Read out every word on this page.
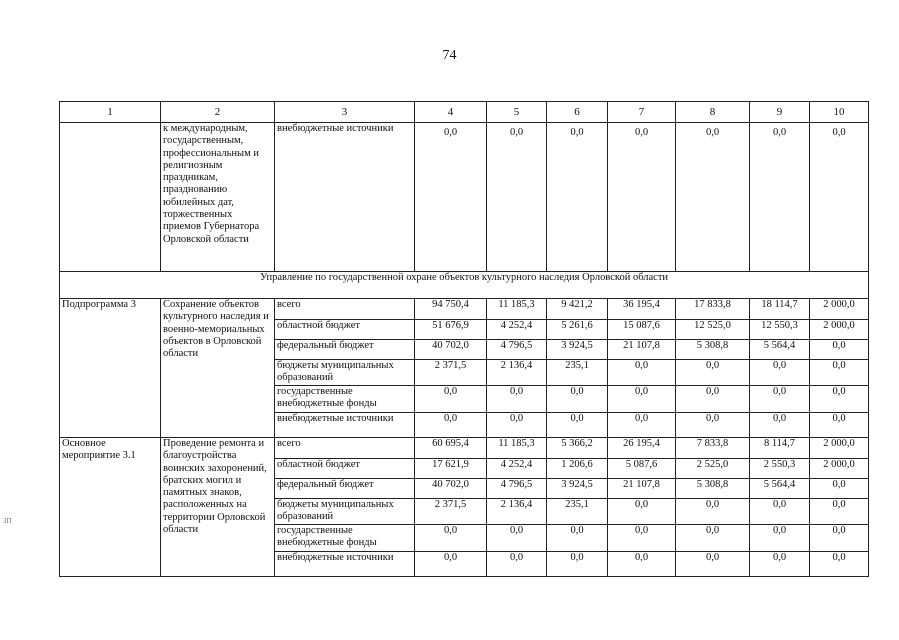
74
ЗП
1	2	3	4	5	6	7	8	9	10
	к международным, государственным, профессиональным и религиозным праздникам, празднованию юбилейных дат, торжественных приемов Губернатора Орловской области	внебюджетные источники	0,0	0,0	0,0	0,0	0,0	0,0	0,0
Управление по государственной охране объектов культурного наследия Орловской области									
Подпрограмма 3	Сохранение объектов культурного наследия и военно-мемориальных объектов в Орловской области	всего	94 750,4	11 185,3	9 421,2	36 195,4	17 833,8	18 114,7	2 000,0
		областной бюджет	51 676,9	4 252,4	5 261,6	15 087,6	12 525,0	12 550,3	2 000,0
		федеральный бюджет	40 702,0	4 796,5	3 924,5	21 107,8	5 308,8	5 564,4	0,0
		бюджеты муниципальных образований	2 371,5	2 136,4	235,1	0,0	0,0	0,0	0,0
		государственные внебюджетные фонды	0,0	0,0	0,0	0,0	0,0	0,0	0,0
		внебюджетные источники	0,0	0,0	0,0	0,0	0,0	0,0	0,0
Основное мероприятие 3.1	Проведение ремонта и благоустройства воинских захоронений, братских могил и памятных знаков, расположенных на территории Орловской области	всего	60 695,4	11 185,3	5 366,2	26 195,4	7 833,8	8 114,7	2 000,0
		областной бюджет	17 621,9	4 252,4	1 206,6	5 087,6	2 525,0	2 550,3	2 000,0
		федеральный бюджет	40 702,0	4 796,5	3 924,5	21 107,8	5 308,8	5 564,4	0,0
		бюджеты муниципальных образований	2 371,5	2 136,4	235,1	0,0	0,0	0,0	0,0
		государственные внебюджетные фонды	0,0	0,0	0,0	0,0	0,0	0,0	0,0
		внебюджетные источники	0,0	0,0	0,0	0,0	0,0	0,0	0,0
